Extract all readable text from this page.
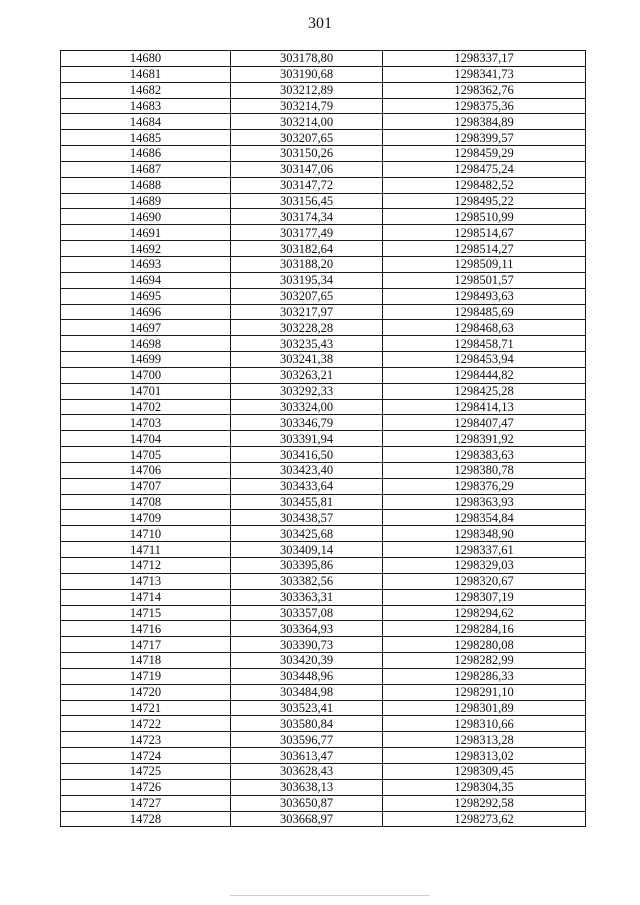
301
14680	303178,80	1298337,17
14681	303190,68	1298341,73
14682	303212,89	1298362,76
14683	303214,79	1298375,36
14684	303214,00	1298384,89
14685	303207,65	1298399,57
14686	303150,26	1298459,29
14687	303147,06	1298475,24
14688	303147,72	1298482,52
14689	303156,45	1298495,22
14690	303174,34	1298510,99
14691	303177,49	1298514,67
14692	303182,64	1298514,27
14693	303188,20	1298509,11
14694	303195,34	1298501,57
14695	303207,65	1298493,63
14696	303217,97	1298485,69
14697	303228,28	1298468,63
14698	303235,43	1298458,71
14699	303241,38	1298453,94
14700	303263,21	1298444,82
14701	303292,33	1298425,28
14702	303324,00	1298414,13
14703	303346,79	1298407,47
14704	303391,94	1298391,92
14705	303416,50	1298383,63
14706	303423,40	1298380,78
14707	303433,64	1298376,29
14708	303455,81	1298363,93
14709	303438,57	1298354,84
14710	303425,68	1298348,90
14711	303409,14	1298337,61
14712	303395,86	1298329,03
14713	303382,56	1298320,67
14714	303363,31	1298307,19
14715	303357,08	1298294,62
14716	303364,93	1298284,16
14717	303390,73	1298280,08
14718	303420,39	1298282,99
14719	303448,96	1298286,33
14720	303484,98	1298291,10
14721	303523,41	1298301,89
14722	303580,84	1298310,66
14723	303596,77	1298313,28
14724	303613,47	1298313,02
14725	303628,43	1298309,45
14726	303638,13	1298304,35
14727	303650,87	1298292,58
14728	303668,97	1298273,62
